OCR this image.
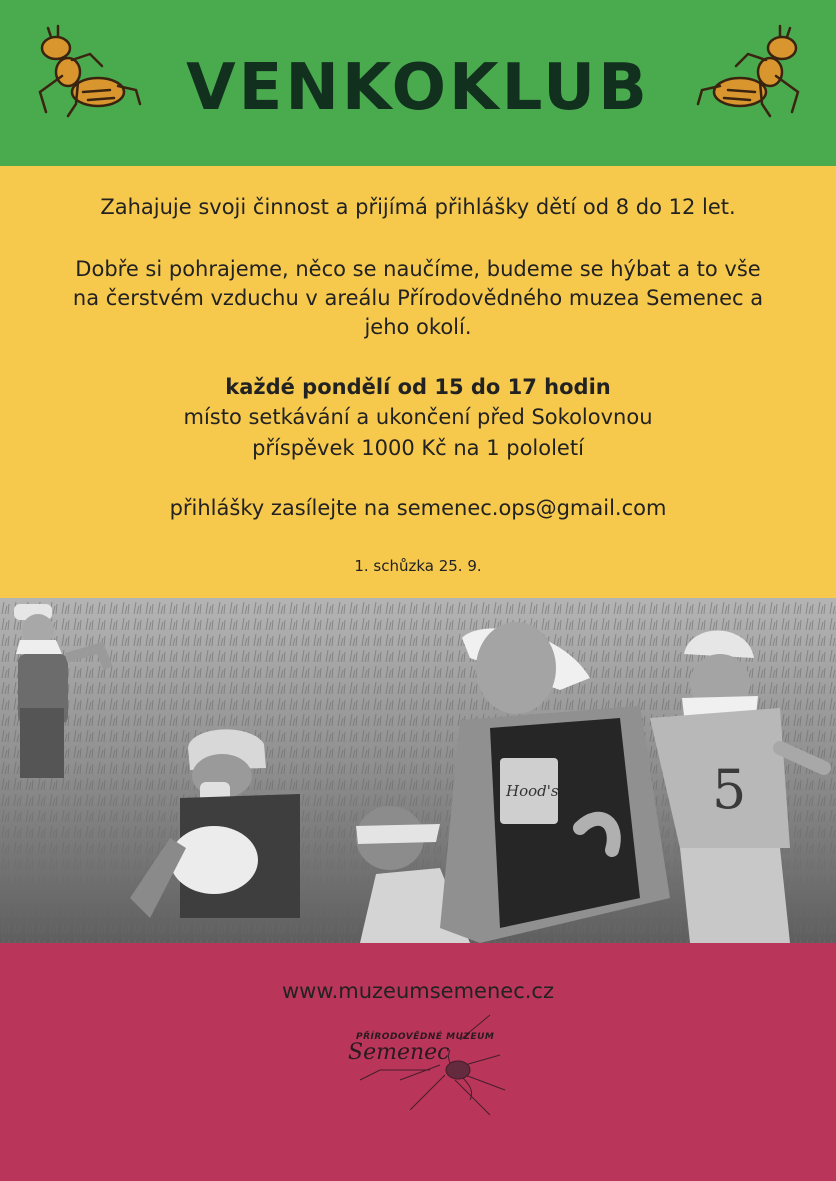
VENKOKLUB
Zahajuje svoji činnost a přijímá přihlášky dětí od 8 do 12 let.
Dobře si pohrajeme, něco se naučíme, budeme se hýbat a to vše
na čerstvém vzduchu v areálu Přírodovědného muzea Semenec a
jeho okolí.
každé pondělí od 15 do 17 hodin
místo setkávání a ukončení před Sokolovnou
příspěvek 1000 Kč na 1 pololetí
přihlášky zasílejte na semenec.ops@gmail.com
1. schůzka 25. 9.
Hood's	5
www.muzeumsemenec.cz
PŘÍRODOVĚDNÉ MUZEUM
Semenec
